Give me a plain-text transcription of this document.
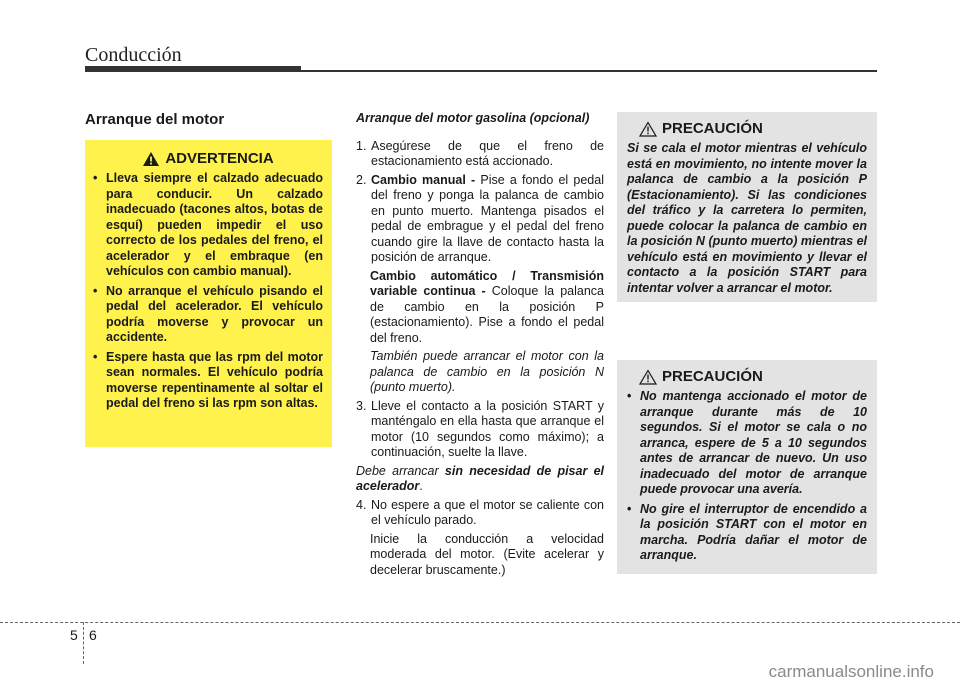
Conducción
Arranque del motor
ADVERTENCIA
• Lleva siempre el calzado adecuado para conducir. Un calzado inadecuado (tacones altos, botas de esquí) pueden impedir el uso correcto de los pedales del freno, el acelerador y el embraque (en vehículos con cambio manual).
• No arranque el vehículo pisando el pedal del acelerador. El vehículo podría moverse y provocar un accidente.
• Espere hasta que las rpm del motor sean normales. El vehículo podría moverse repentinamente al soltar el pedal del freno si las rpm son altas.
Arranque del motor gasolina (opcional)
1. Asegúrese de que el freno de estacionamiento está accionado.
2. Cambio manual - Pise a fondo el pedal del freno y ponga la palanca de cambio en punto muerto. Mantenga pisados el pedal de embrague y el pedal del freno cuando gire la llave de contacto hasta la posición de arranque.
Cambio automático / Transmisión variable continua - Coloque la palanca de cambio en la posición P (estacionamiento). Pise a fondo el pedal del freno.
También puede arrancar el motor con la palanca de cambio en la posición N (punto muerto).
3. Lleve el contacto a la posición START y manténgalo en ella hasta que arranque el motor (10 segundos como máximo); a continuación, suelte la llave.
Debe arrancar sin necesidad de pisar el acelerador.
4. No espere a que el motor se caliente con el vehículo parado.
Inicie la conducción a velocidad moderada del motor. (Evite acelerar y decelerar bruscamente.)
PRECAUCIÓN
Si se cala el motor mientras el vehículo está en movimiento, no intente mover la palanca de cambio a la posición P (Estacionamiento). Si las condiciones del tráfico y la carretera lo permiten, puede colocar la palanca de cambio en la posición N (punto muerto) mientras el vehículo está en movimiento y llevar el contacto a la posición START para intentar volver a arrancar el motor.
PRECAUCIÓN
• No mantenga accionado el motor de arranque durante más de 10 segundos. Si el motor se cala o no arranca, espere de 5 a 10 segundos antes de arrancar de nuevo. Un uso inadecuado del motor de arranque puede provocar una avería.
• No gire el interruptor de encendido a la posición START con el motor en marcha. Podría dañar el motor de arranque.
5 6
carmanualsonline.info
